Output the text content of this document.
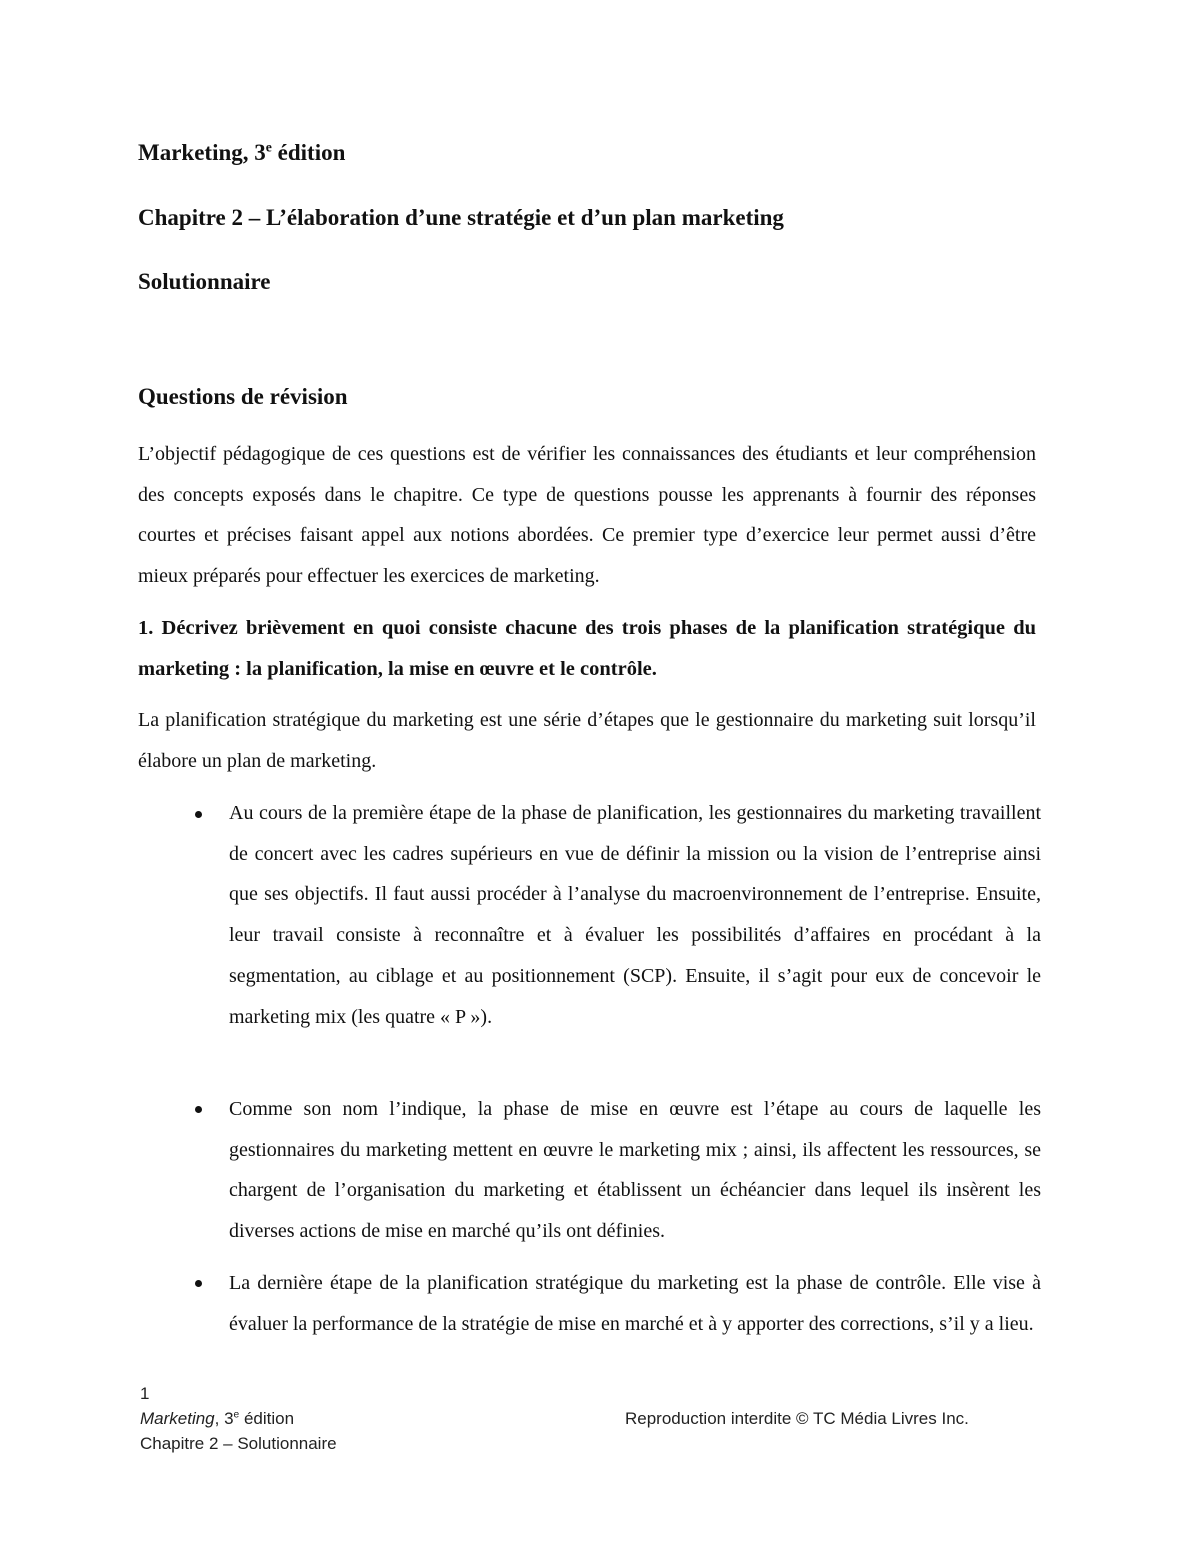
Marketing, 3e édition
Chapitre 2 – L’élaboration d’une stratégie et d’un plan marketing
Solutionnaire
Questions de révision

L’objectif pédagogique de ces questions est de vérifier les connaissances des étudiants et leur compréhension des concepts exposés dans le chapitre. Ce type de questions pousse les apprenants à fournir des réponses courtes et précises faisant appel aux notions abordées. Ce premier type d’exercice leur permet aussi d’être mieux préparés pour effectuer les exercices de marketing.

1. Décrivez brièvement en quoi consiste chacune des trois phases de la planification stratégique du marketing : la planification, la mise en œuvre et le contrôle.

La planification stratégique du marketing est une série d’étapes que le gestionnaire du marketing suit lorsqu’il élabore un plan de marketing.

Au cours de la première étape de la phase de planification, les gestionnaires du marketing travaillent de concert avec les cadres supérieurs en vue de définir la mission ou la vision de l’entreprise ainsi que ses objectifs. Il faut aussi procéder à l’analyse du macroenvironnement de l’entreprise. Ensuite, leur travail consiste à reconnaître et à évaluer les possibilités d’affaires en procédant à la segmentation, au ciblage et au positionnement (SCP). Ensuite, il s’agit pour eux de concevoir le marketing mix (les quatre « P »).

Comme son nom l’indique, la phase de mise en œuvre est l’étape au cours de laquelle les gestionnaires du marketing mettent en œuvre le marketing mix ; ainsi, ils affectent les ressources, se chargent de l’organisation du marketing et établissent un échéancier dans lequel ils insèrent les diverses actions de mise en marché qu’ils ont définies.

La dernière étape de la planification stratégique du marketing est la phase de contrôle. Elle vise à évaluer la performance de la stratégie de mise en marché et à y apporter des corrections, s’il y a lieu.

1

Marketing, 3e édition	Reproduction interdite © TC Média Livres Inc.

Chapitre 2 – Solutionnaire
